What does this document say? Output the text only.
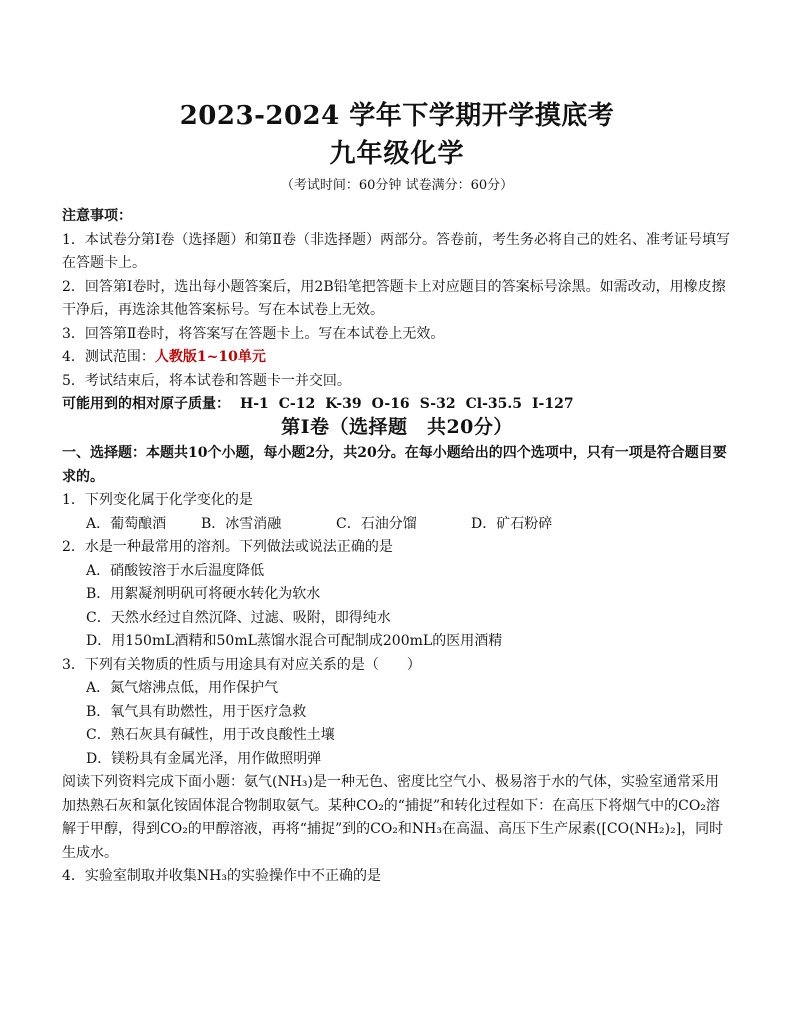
2023-2024 学年下学期开学摸底考
九年级化学
（考试时间：60分钟 试卷满分：60分）
注意事项：
1．本试卷分第Ⅰ卷（选择题）和第Ⅱ卷（非选择题）两部分。答卷前，考生务必将自己的姓名、准考证号填写在答题卡上。
2．回答第Ⅰ卷时，选出每小题答案后，用2B铅笔把答题卡上对应题目的答案标号涂黑。如需改动，用橡皮擦干净后，再选涂其他答案标号。写在本试卷上无效。
3．回答第Ⅱ卷时，将答案写在答题卡上。写在本试卷上无效。
4．测试范围：人教版1~10单元
5．考试结束后，将本试卷和答题卡一并交回。
可能用到的相对原子质量： H-1 C-12 K-39 O-16 S-32 Cl-35.5 I-127
第Ⅰ卷（选择题　共20分）
一、选择题：本题共10个小题，每小题2分，共20分。在每小题给出的四个选项中，只有一项是符合题目要求的。
1．下列变化属于化学变化的是
A．葡萄酿酒	B．冰雪消融	C．石油分馏	D．矿石粉碎
2．水是一种最常用的溶剂。下列做法或说法正确的是
A．硝酸铵溶于水后温度降低
B．用絮凝剂明矾可将硬水转化为软水
C．天然水经过自然沉降、过滤、吸附，即得纯水
D．用150mL酒精和50mL蒸馏水混合可配制成200mL的医用酒精
3．下列有关物质的性质与用途具有对应关系的是（　　）
A．氮气熔沸点低，用作保护气
B．氧气具有助燃性，用于医疗急救
C．熟石灰具有碱性，用于改良酸性土壤
D．镁粉具有金属光泽，用作做照明弹
阅读下列资料完成下面小题：氨气(NH₃)是一种无色、密度比空气小、极易溶于水的气体，实验室通常采用加热熟石灰和氯化铵固体混合物制取氨气。某种CO₂的“捕捉”和转化过程如下：在高压下将烟气中的CO₂溶解于甲醇，得到CO₂的甲醇溶液，再将“捕捉”到的CO₂和NH₃在高温、高压下生产尿素([CO(NH₂)₂]，同时生成水。
4．实验室制取并收集NH₃的实验操作中不正确的是
